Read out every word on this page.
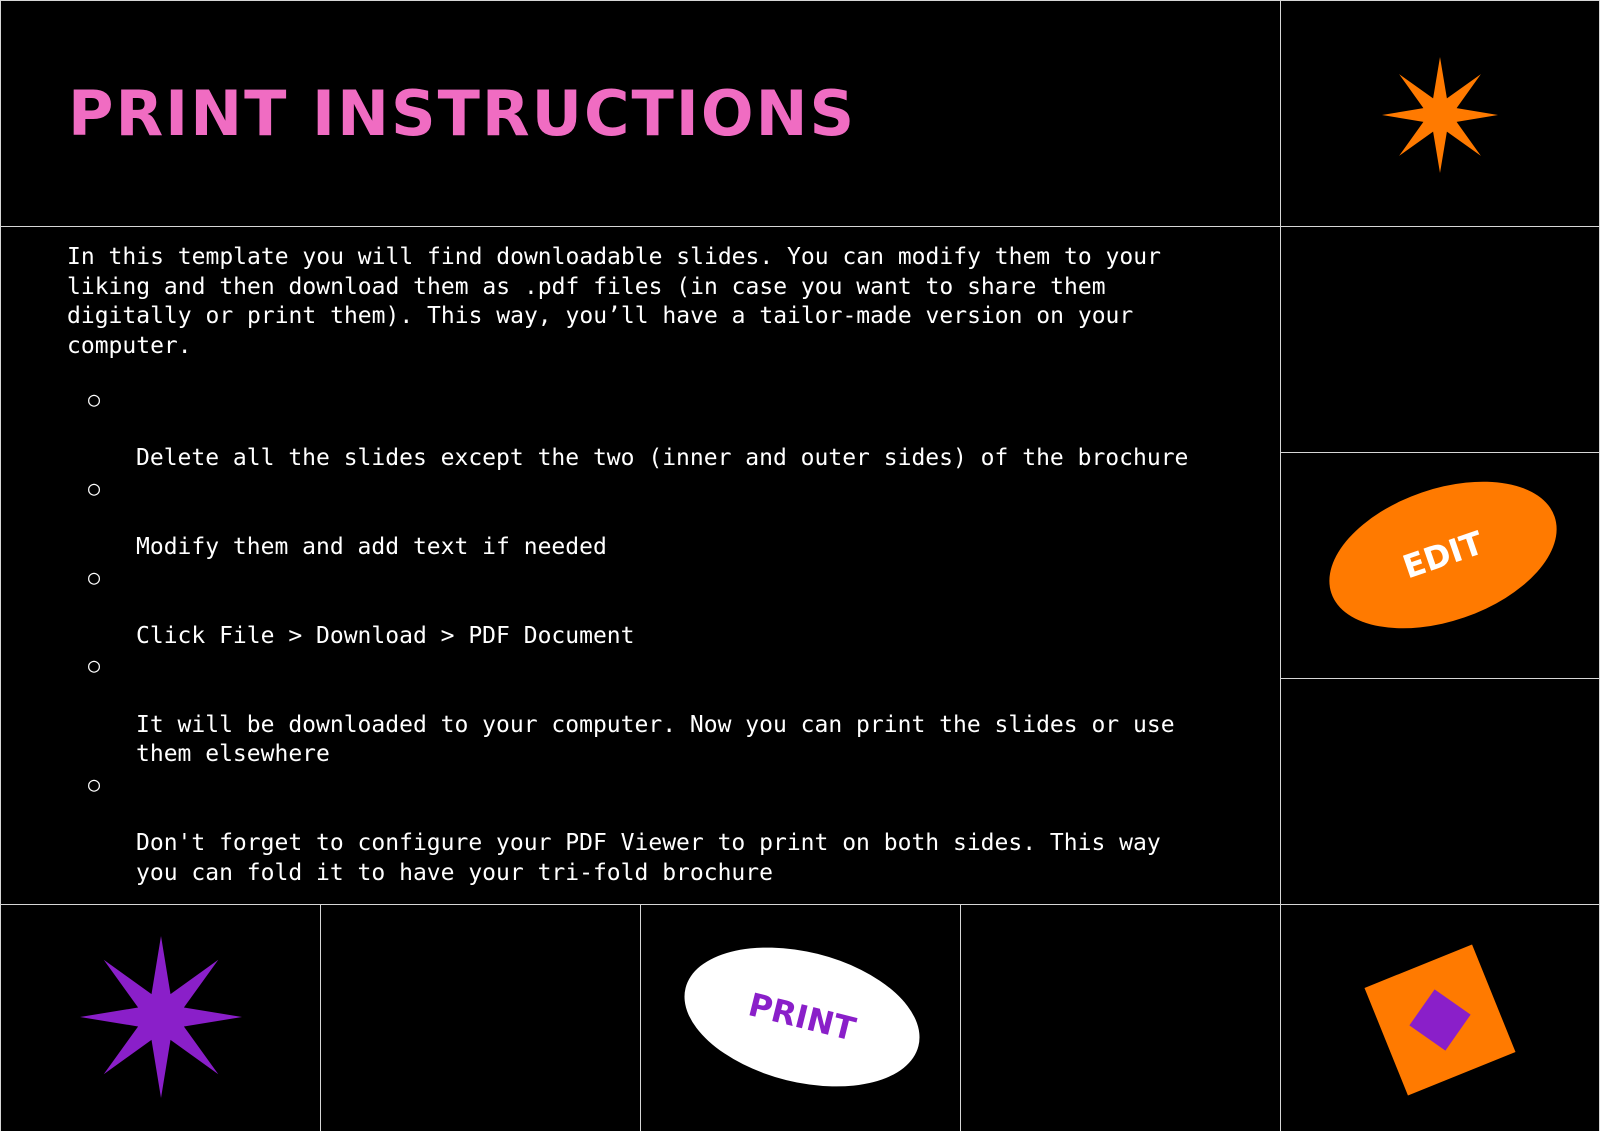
PRINT INSTRUCTIONS

In this template you will find downloadable slides. You can modify them to your
liking and then download them as .pdf files (in case you want to share them
digitally or print them). This way, you’ll have a tailor-made version on your
computer.

○

Delete all the slides except the two (inner and outer sides) of the brochure

○

Modify them and add text if needed

○

Click File > Download > PDF Document

○

It will be downloaded to your computer. Now you can print the slides or use
them elsewhere

○

Don't forget to configure your PDF Viewer to print on both sides. This way
you can fold it to have your tri-fold brochure

EDIT
PRINT
